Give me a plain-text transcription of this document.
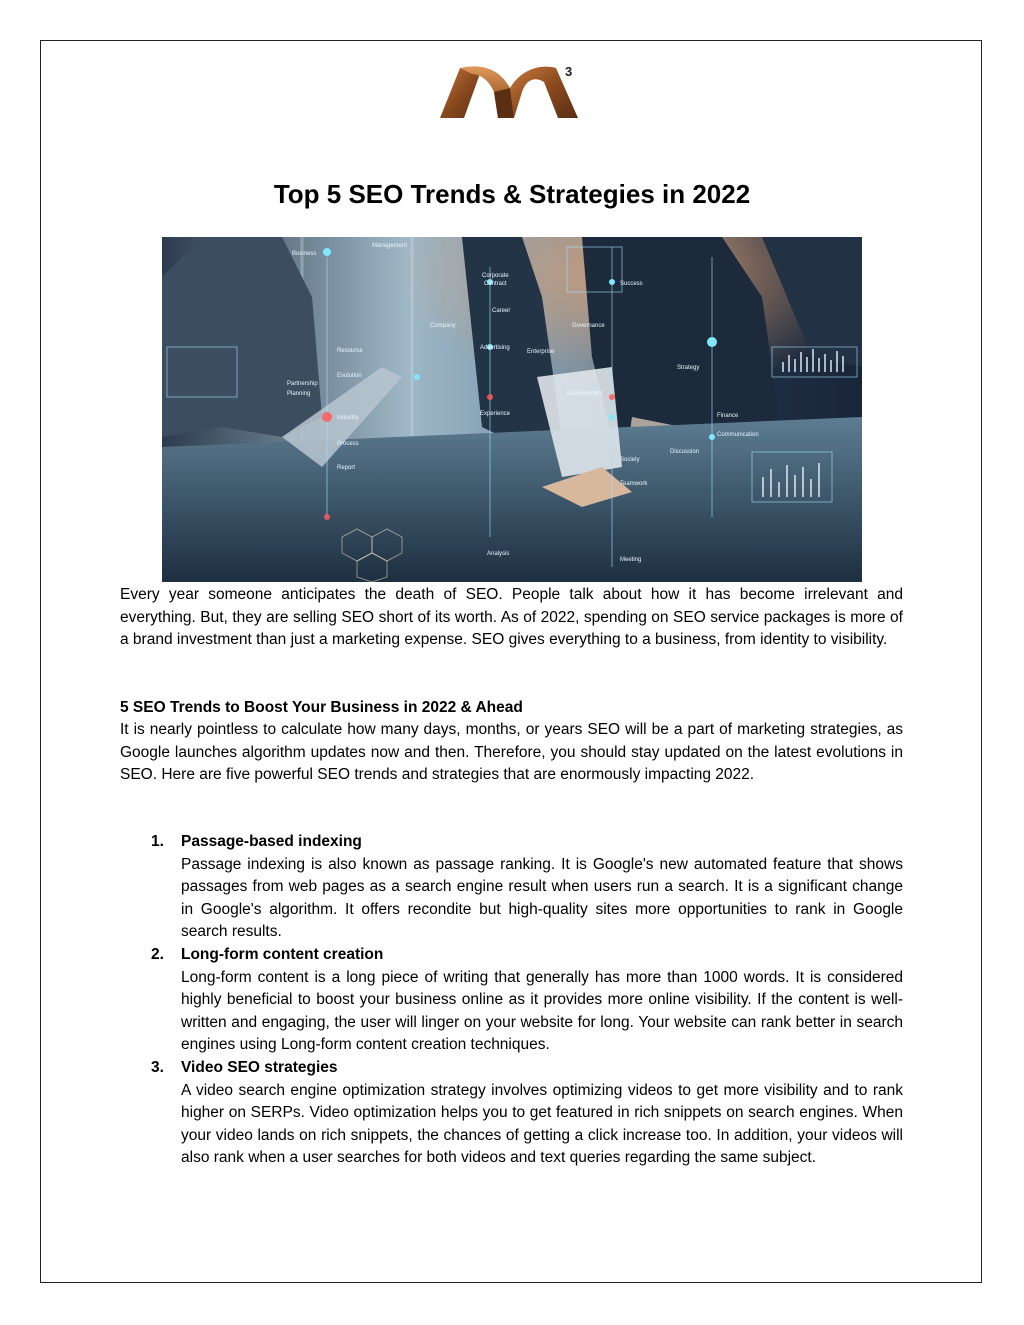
3
Top 5 SEO Trends & Strategies in 2022
Business
Management
Corporate
Contract	Success
Resource
Evolution
Partnership
Planning
Industry
Process
Report
Career
Company	Governance
Advertising
Enterprise
Development
Experience
Society
Teamwork
Strategy
Finance
Communication
Discussion
Analysis
Meeting

Every year someone anticipates the death of SEO. People talk about how it has become irrelevant and everything. But, they are selling SEO short of its worth. As of 2022, spending on SEO service packages is more of a brand investment than just a marketing expense. SEO gives everything to a business, from identity to visibility.

5 SEO Trends to Boost Your Business in 2022 & Ahead

It is nearly pointless to calculate how many days, months, or years SEO will be a part of marketing strategies, as Google launches algorithm updates now and then. Therefore, you should stay updated on the latest evolutions in SEO. Here are five powerful SEO trends and strategies that are enormously impacting 2022.

1. Passage-based indexing

Passage indexing is also known as passage ranking. It is Google's new automated feature that shows passages from web pages as a search engine result when users run a search. It is a significant change in Google's algorithm. It offers recondite but high-quality sites more opportunities to rank in Google search results.

2. Long-form content creation

Long-form content is a long piece of writing that generally has more than 1000 words. It is considered highly beneficial to boost your business online as it provides more online visibility. If the content is well-written and engaging, the user will linger on your website for long. Your website can rank better in search engines using Long-form content creation techniques.

3. Video SEO strategies

A video search engine optimization strategy involves optimizing videos to get more visibility and to rank higher on SERPs. Video optimization helps you to get featured in rich snippets on search engines. When your video lands on rich snippets, the chances of getting a click increase too. In addition, your videos will also rank when a user searches for both videos and text queries regarding the same subject.
